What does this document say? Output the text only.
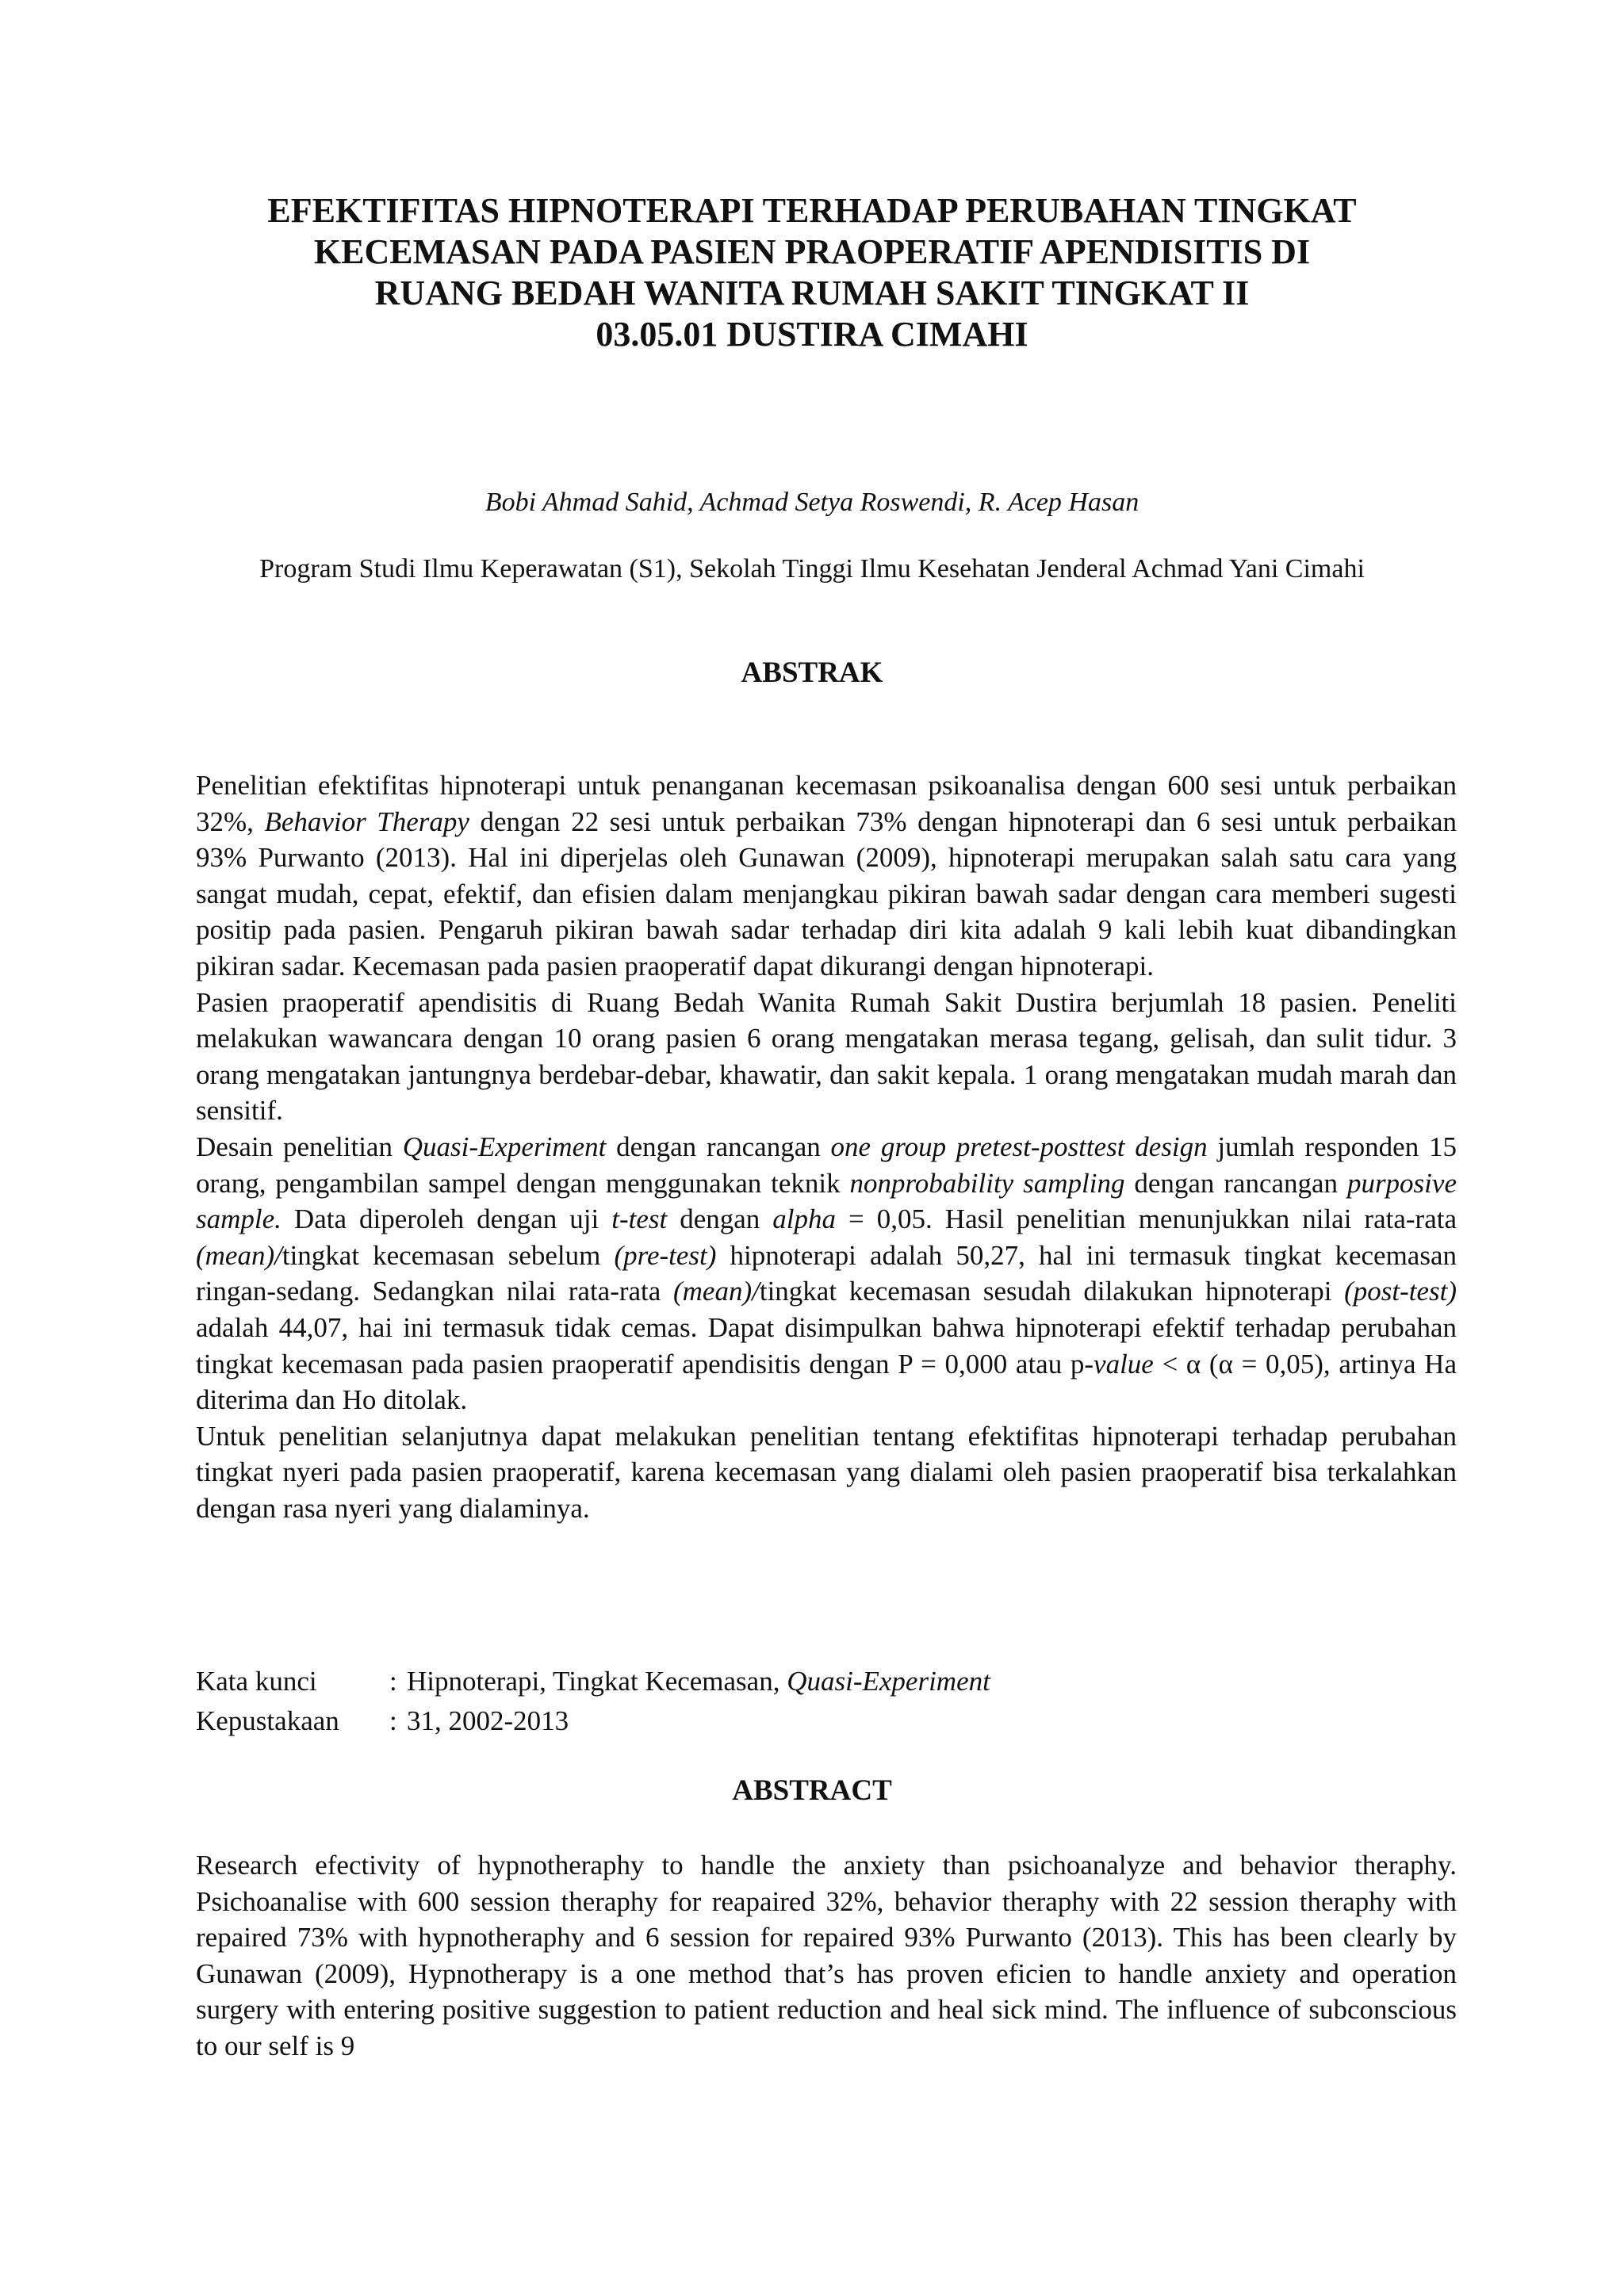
EFEKTIFITAS HIPNOTERAPI TERHADAP PERUBAHAN TINGKAT
KECEMASAN PADA PASIEN PRAOPERATIF APENDISITIS DI
RUANG BEDAH WANITA RUMAH SAKIT TINGKAT II
03.05.01 DUSTIRA CIMAHI
Bobi Ahmad Sahid, Achmad Setya Roswendi, R. Acep Hasan
Program Studi Ilmu Keperawatan (S1), Sekolah Tinggi Ilmu Kesehatan Jenderal Achmad Yani Cimahi
ABSTRAK

Penelitian efektifitas hipnoterapi untuk penanganan kecemasan psikoanalisa dengan 600 sesi untuk perbaikan 32%, Behavior Therapy dengan 22 sesi untuk perbaikan 73% dengan hipnoterapi dan 6 sesi untuk perbaikan 93% Purwanto (2013). Hal ini diperjelas oleh Gunawan (2009), hipnoterapi merupakan salah satu cara yang sangat mudah, cepat, efektif, dan efisien dalam menjangkau pikiran bawah sadar dengan cara memberi sugesti positip pada pasien. Pengaruh pikiran bawah sadar terhadap diri kita adalah 9 kali lebih kuat dibandingkan pikiran sadar. Kecemasan pada pasien praoperatif dapat dikurangi dengan hipnoterapi.

Pasien praoperatif apendisitis di Ruang Bedah Wanita Rumah Sakit Dustira berjumlah 18 pasien. Peneliti melakukan wawancara dengan 10 orang pasien 6 orang mengatakan merasa tegang, gelisah, dan sulit tidur. 3 orang mengatakan jantungnya berdebar-debar, khawatir, dan sakit kepala. 1 orang mengatakan mudah marah dan sensitif.

Desain penelitian Quasi-Experiment dengan rancangan one group pretest-posttest design jumlah responden 15 orang, pengambilan sampel dengan menggunakan teknik nonprobability sampling dengan rancangan purposive sample. Data diperoleh dengan uji t-test dengan alpha = 0,05. Hasil penelitian menunjukkan nilai rata-rata (mean)/tingkat kecemasan sebelum (pre-test) hipnoterapi adalah 50,27, hal ini termasuk tingkat kecemasan ringan-sedang. Sedangkan nilai rata-rata (mean)/tingkat kecemasan sesudah dilakukan hipnoterapi (post-test) adalah 44,07, hai ini termasuk tidak cemas. Dapat disimpulkan bahwa hipnoterapi efektif terhadap perubahan tingkat kecemasan pada pasien praoperatif apendisitis dengan P = 0,000 atau p-value < α (α = 0,05), artinya Ha diterima dan Ho ditolak.

Untuk penelitian selanjutnya dapat melakukan penelitian tentang efektifitas hipnoterapi terhadap perubahan tingkat nyeri pada pasien praoperatif, karena kecemasan yang dialami oleh pasien praoperatif bisa terkalahkan dengan rasa nyeri yang dialaminya.

Kata kunci	: Hipnoterapi, Tingkat Kecemasan, Quasi-Experiment
Kepustakaan	: 31, 2002-2013
ABSTRACT

Research efectivity of hypnotheraphy to handle the anxiety than psichoanalyze and behavior theraphy. Psichoanalise with 600 session theraphy for reapaired 32%, behavior theraphy with 22 session theraphy with repaired 73% with hypnotheraphy and 6 session for repaired 93% Purwanto (2013). This has been clearly by Gunawan (2009), Hypnotherapy is a one method that’s has proven eficien to handle anxiety and operation surgery with entering positive suggestion to patient reduction and heal sick mind. The influence of subconscious to our self is 9
